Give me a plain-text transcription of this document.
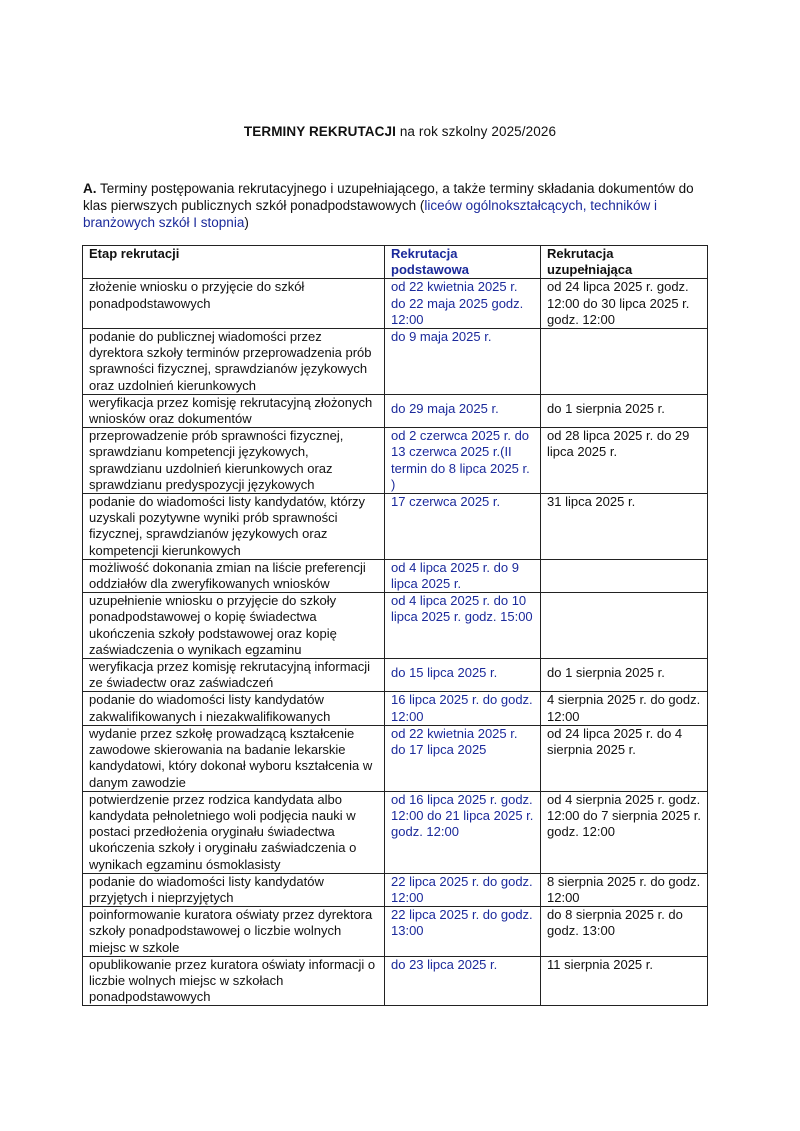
TERMINY REKRUTACJI na rok szkolny 2025/2026
A. Terminy postępowania rekrutacyjnego i uzupełniającego, a także terminy składania dokumentów do klas pierwszych publicznych szkół ponadpodstawowych (liceów ogólnokształcących, techników i branżowych szkół I stopnia)
Etap rekrutacji	Rekrutacja podstawowa	Rekrutacja uzupełniająca
złożenie wniosku o przyjęcie do szkół ponadpodstawowych	od 22 kwietnia 2025 r. do 22 maja 2025 godz. 12:00	od 24 lipca 2025 r. godz. 12:00 do 30 lipca 2025 r. godz. 12:00
podanie do publicznej wiadomości przez dyrektora szkoły terminów przeprowadzenia prób sprawności fizycznej, sprawdzianów językowych oraz uzdolnień kierunkowych	do 9 maja 2025 r.	
weryfikacja przez komisję rekrutacyjną złożonych wniosków oraz dokumentów	do 29 maja 2025 r.	do 1 sierpnia 2025 r.
przeprowadzenie prób sprawności fizycznej, sprawdzianu kompetencji językowych, sprawdzianu uzdolnień kierunkowych oraz sprawdzianu predyspozycji językowych	od 2 czerwca 2025 r. do 13 czerwca 2025 r.(II termin do 8 lipca 2025 r. )	od 28 lipca 2025 r. do 29 lipca 2025 r.
podanie do wiadomości listy kandydatów, którzy uzyskali pozytywne wyniki prób sprawności fizycznej, sprawdzianów językowych oraz kompetencji kierunkowych	17 czerwca 2025 r.	31 lipca 2025 r.
możliwość dokonania zmian na liście preferencji oddziałów dla zweryfikowanych wniosków	od 4 lipca 2025 r. do 9 lipca 2025 r.	
uzupełnienie wniosku o przyjęcie do szkoły ponadpodstawowej o kopię świadectwa ukończenia szkoły podstawowej oraz kopię zaświadczenia o wynikach egzaminu	od 4 lipca 2025 r. do 10 lipca 2025 r. godz. 15:00	
weryfikacja przez komisję rekrutacyjną informacji ze świadectw oraz zaświadczeń	do 15 lipca 2025 r.	do 1 sierpnia 2025 r.
podanie do wiadomości listy kandydatów zakwalifikowanych i niezakwalifikowanych	16 lipca 2025 r. do godz. 12:00	4 sierpnia 2025 r. do godz. 12:00
wydanie przez szkołę prowadzącą kształcenie zawodowe skierowania na badanie lekarskie kandydatowi, który dokonał wyboru kształcenia w danym zawodzie	od 22 kwietnia 2025 r. do 17 lipca 2025	od 24 lipca 2025 r. do 4 sierpnia 2025 r.
potwierdzenie przez rodzica kandydata albo kandydata pełnoletniego woli podjęcia nauki w postaci przedłożenia oryginału świadectwa ukończenia szkoły i oryginału zaświadczenia o wynikach egzaminu ósmoklasisty	od 16 lipca 2025 r. godz. 12:00 do 21 lipca 2025 r. godz. 12:00	od 4 sierpnia 2025 r. godz. 12:00 do 7 sierpnia 2025 r. godz. 12:00
podanie do wiadomości listy kandydatów przyjętych i nieprzyjętych	22 lipca 2025 r. do godz. 12:00	8 sierpnia 2025 r. do godz. 12:00
poinformowanie kuratora oświaty przez dyrektora szkoły ponadpodstawowej o liczbie wolnych miejsc w szkole	22 lipca 2025 r. do godz. 13:00	do 8 sierpnia 2025 r. do godz. 13:00
opublikowanie przez kuratora oświaty informacji o liczbie wolnych miejsc w szkołach ponadpodstawowych	do 23 lipca 2025 r.	11 sierpnia 2025 r.
